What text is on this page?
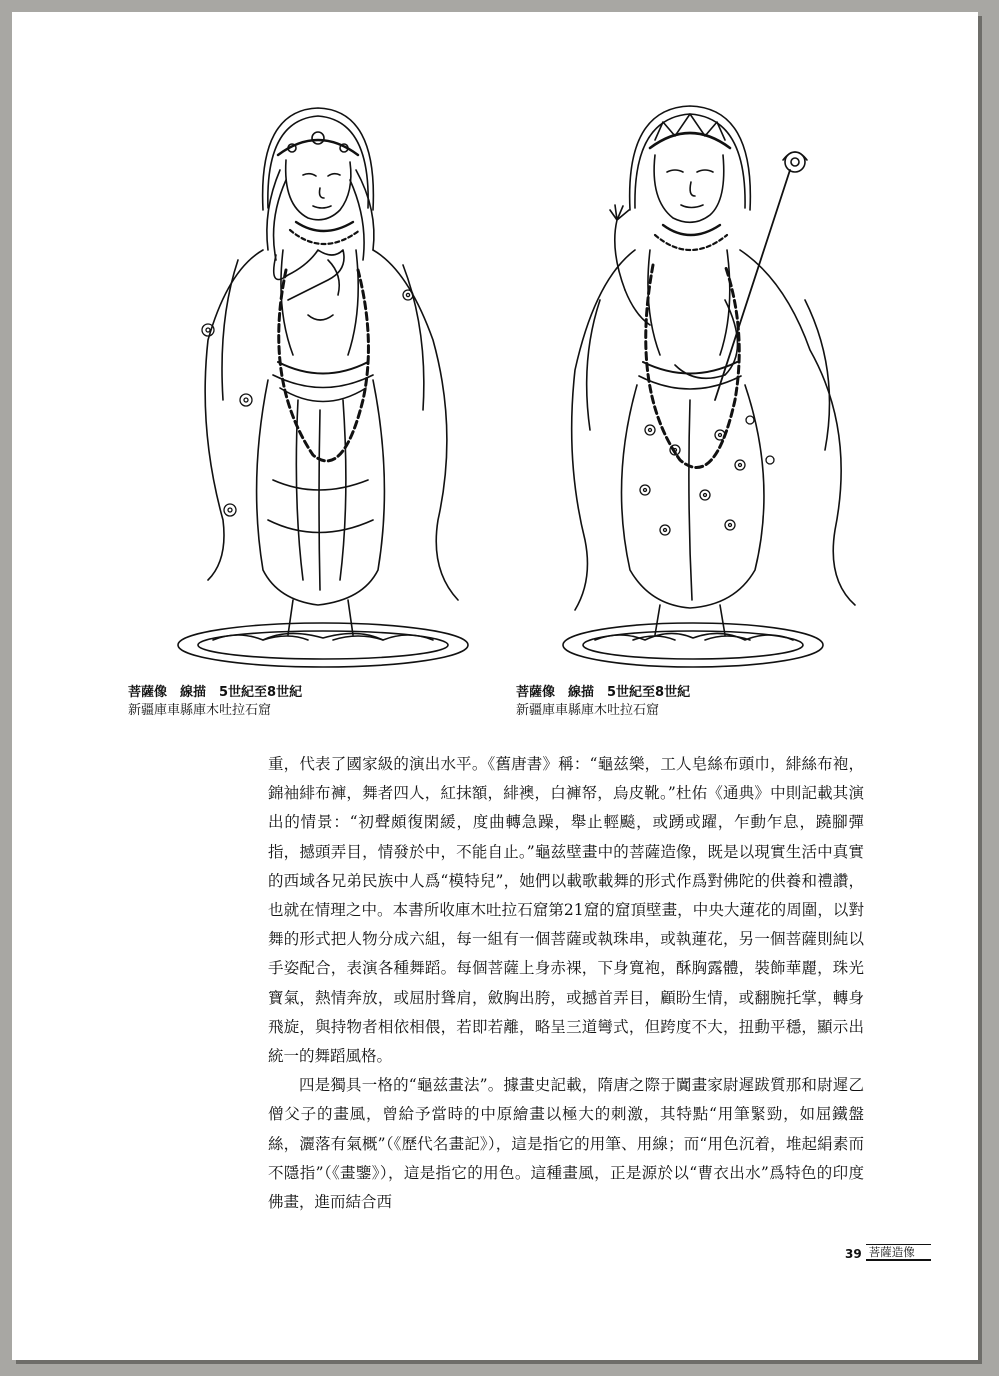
菩薩像　線描　5世紀至8世紀
新疆庫車縣庫木吐拉石窟
菩薩像　線描　5世紀至8世紀
新疆庫車縣庫木吐拉石窟

重，代表了國家級的演出水平。《舊唐書》稱：“龜兹樂，工人皂絲布頭巾，緋絲布袍，錦袖緋布褲，舞者四人，紅抹額，緋襖，白褲帑，烏皮靴。”杜佑《通典》中則記載其演出的情景：“初聲頗復閑緩，度曲轉急躁，舉止輕飈，或踴或躍，乍動乍息，蹺腳彈指，撼頭弄目，情發於中，不能自止。”龜兹壁畫中的菩薩造像，既是以現實生活中真實的西域各兄弟民族中人爲“模特兒”，她們以載歌載舞的形式作爲對佛陀的供養和禮讚，也就在情理之中。本書所收庫木吐拉石窟第21窟的窟頂壁畫，中央大蓮花的周圍，以對舞的形式把人物分成六組，每一組有一個菩薩或執珠串，或執蓮花，另一個菩薩則純以手姿配合，表演各種舞蹈。每個菩薩上身赤裸，下身寬袍，酥胸露體，裝飾華麗，珠光寶氣，熱情奔放，或屈肘聳肩，斂胸出胯，或撼首弄目，顧盼生情，或翻腕托掌，轉身飛旋，與持物者相依相偎，若即若離，略呈三道彎式，但跨度不大，扭動平穩，顯示出統一的舞蹈風格。

四是獨具一格的“龜兹畫法”。據畫史記載，隋唐之際于闐畫家尉遲跋質那和尉遲乙僧父子的畫風，曾給予當時的中原繪畫以極大的刺激，其特點“用筆緊勁，如屈鐵盤絲，灑落有氣概”（《歷代名畫記》），這是指它的用筆、用線；而“用色沉着，堆起絹素而不隱指”（《畫鑒》），這是指它的用色。這種畫風，正是源於以“曹衣出水”爲特色的印度佛畫，進而結合西

39 菩薩造像
